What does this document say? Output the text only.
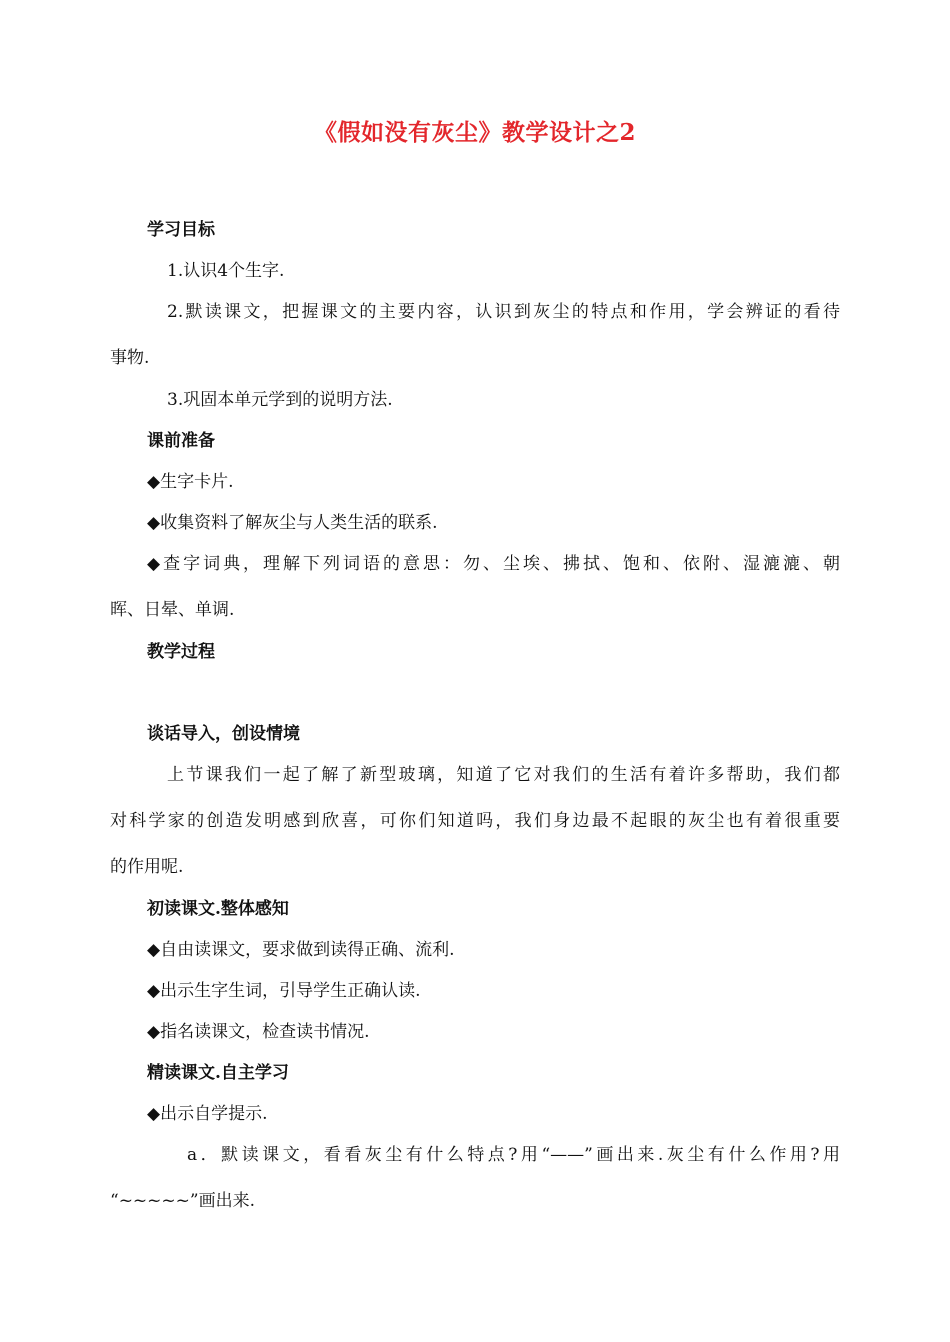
《假如没有灰尘》教学设计之2
学习目标
1.认识4个生字.
2.默读课文，把握课文的主要内容，认识到灰尘的特点和作用，学会辨证的看待
事物.
3.巩固本单元学到的说明方法.
课前准备
◆生字卡片.
◆收集资料了解灰尘与人类生活的联系.
◆查字词典，理解下列词语的意思：勿、尘埃、拂拭、饱和、依附、湿漉漉、朝
晖、日晕、单调.
教学过程
谈话导入，创设情境
上节课我们一起了解了新型玻璃，知道了它对我们的生活有着许多帮助，我们都
对科学家的创造发明感到欣喜，可你们知道吗，我们身边最不起眼的灰尘也有着很重要
的作用呢.
初读课文.整体感知
◆自由读课文，要求做到读得正确、流利.
◆出示生字生词，引导学生正确认读.
◆指名读课文，检查读书情况.
精读课文.自主学习
◆出示自学提示.
a．默读课文，看看灰尘有什么特点?用“——”画出来.灰尘有什么作用?用
“~~~~~”画出来.
